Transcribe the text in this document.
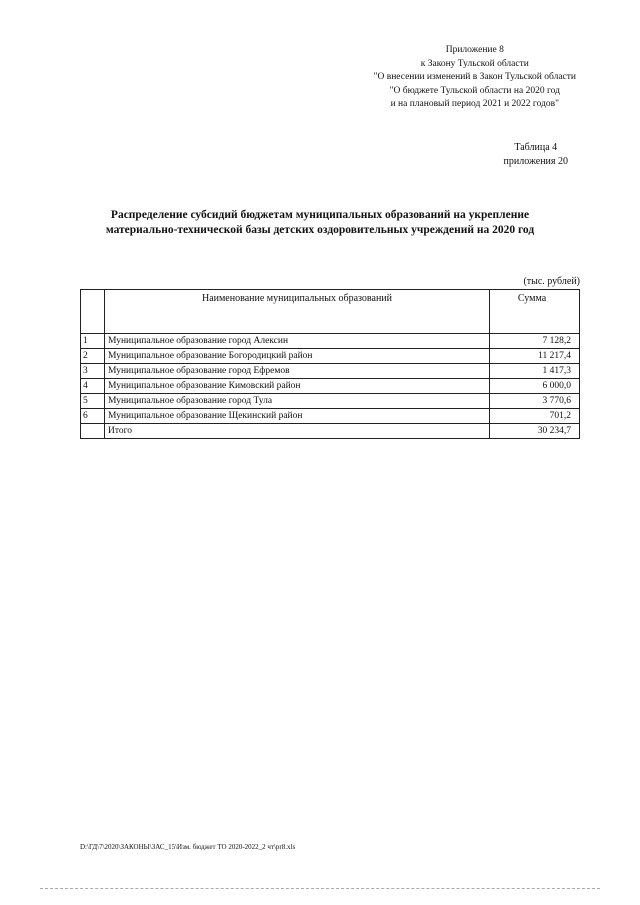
Приложение 8
к Закону Тульской области
"О внесении изменений в Закон Тульской области
"О бюджете Тульской области на 2020 год
и на плановый период 2021 и 2022 годов"
Таблица 4
приложения 20
Распределение субсидий бюджетам муниципальных образований на укрепление
материально-технической базы детских оздоровительных учреждений на 2020 год
(тыс. рублей)
	Наименование муниципальных образований	Сумма
1	Муниципальное образование город Алексин	7 128,2
2	Муниципальное образование Богородицкий район	11 217,4
3	Муниципальное образование город Ефремов	1 417,3
4	Муниципальное образование Кимовский район	6 000,0
5	Муниципальное образование город Тула	3 770,6
6	Муниципальное образование Щекинский район	701,2
	Итого	30 234,7
D:\ГД\7\2020\ЗАКОНЫ\ЗАС_15\Изм. бюджет ТО 2020-2022_2 чт\pr8.xls
